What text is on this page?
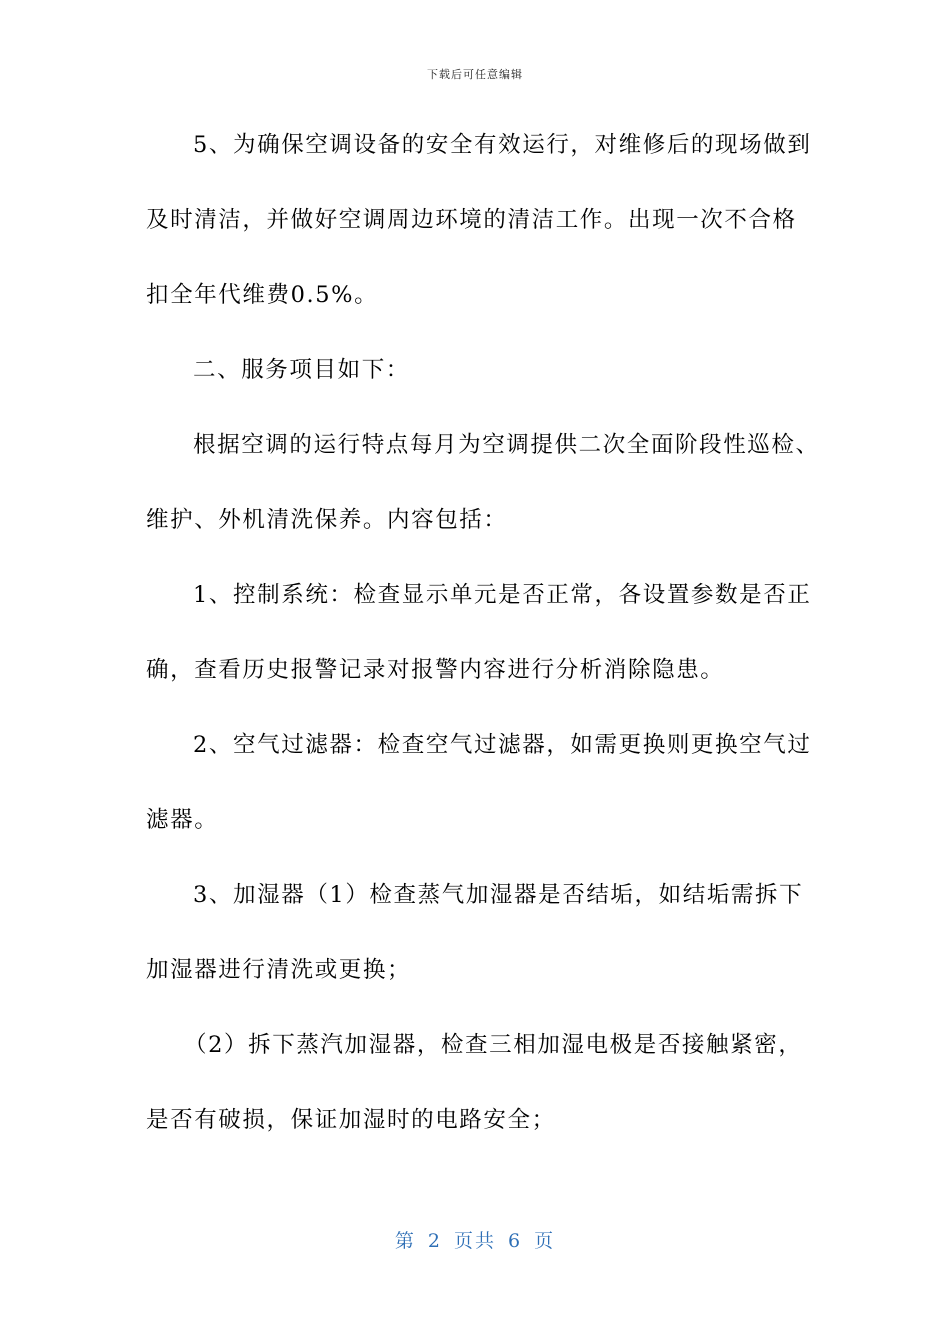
下载后可任意编辑
5、为确保空调设备的安全有效运行，对维修后的现场做到
及时清洁，并做好空调周边环境的清洁工作。出现一次不合格
扣全年代维费0.5%。
二、服务项目如下：
根据空调的运行特点每月为空调提供二次全面阶段性巡检、
维护、外机清洗保养。内容包括：
1、控制系统：检查显示单元是否正常，各设置参数是否正
确，查看历史报警记录对报警内容进行分析消除隐患。
2、空气过滤器：检查空气过滤器，如需更换则更换空气过
滤器。
3、加湿器（1）检查蒸气加湿器是否结垢，如结垢需拆下
加湿器进行清洗或更换；
（2）拆下蒸汽加湿器，检查三相加湿电极是否接触紧密，
是否有破损，保证加湿时的电路安全；
第 2 页共 6 页
